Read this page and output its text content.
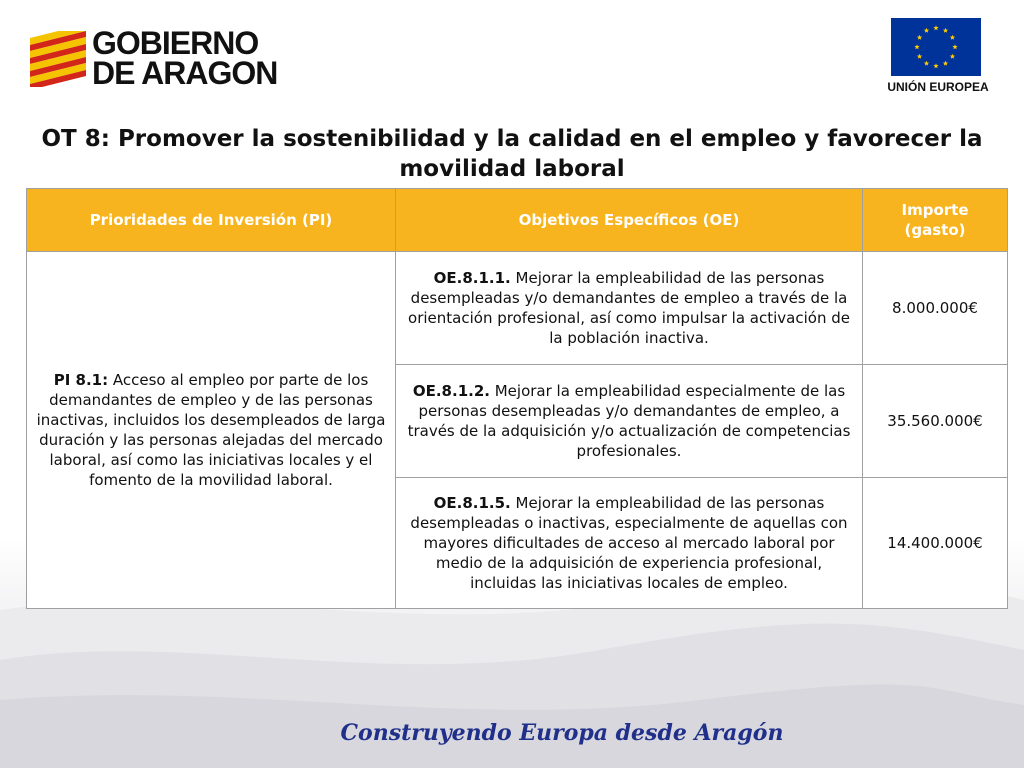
GOBIERNO
DE ARAGON	UNIÓN EUROPEA
OT 8: Promover la sostenibilidad y la calidad en el empleo y favorecer la movilidad laboral
Prioridades de Inversión (PI)	Objetivos Específicos (OE)	Importe (gasto)
PI 8.1: Acceso al empleo por parte de los demandantes de empleo y de las personas inactivas, incluidos los desempleados de larga duración y las personas alejadas del mercado laboral, así como las iniciativas locales y el fomento de la movilidad laboral.	OE.8.1.1. Mejorar la empleabilidad de las personas desempleadas y/o demandantes de empleo a través de la orientación profesional, así como impulsar la activación de la población inactiva.	8.000.000€
	OE.8.1.2. Mejorar la empleabilidad especialmente de las personas desempleadas y/o demandantes de empleo, a través de la adquisición y/o actualización de competencias profesionales.	35.560.000€
	OE.8.1.5. Mejorar la empleabilidad de las personas desempleadas o inactivas, especialmente de aquellas con mayores dificultades de acceso al mercado laboral por medio de la adquisición de experiencia profesional, incluidas las iniciativas locales de empleo.	14.400.000€
Construyendo Europa desde Aragón
